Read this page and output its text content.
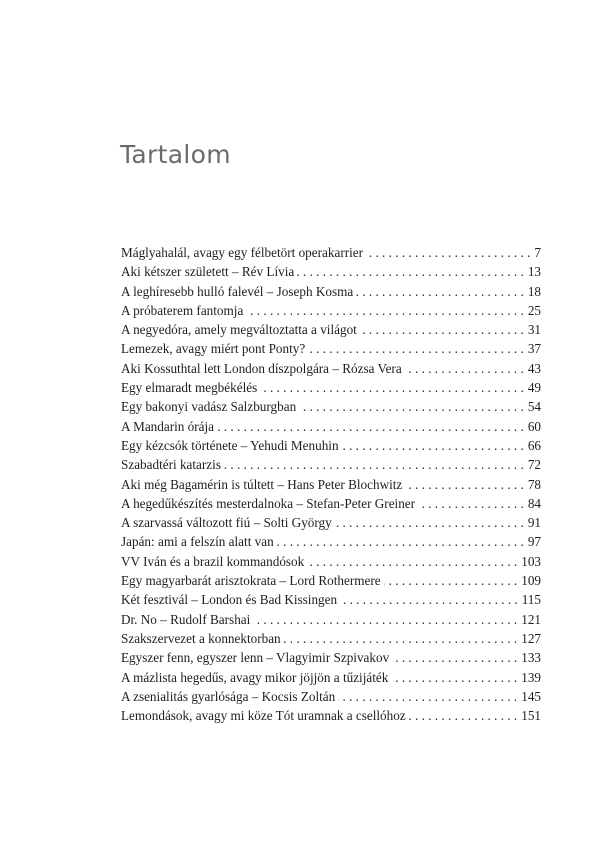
Tartalom
Máglyahalál, avagy egy félbetört operakarrier . . .	7
Aki kétszer született – Rév Lívia . . .	13
A leghíresebb hulló falevél – Joseph Kosma . . .	18
A próbaterem fantomja . . .	25
A negyedóra, amely megváltoztatta a világot . . .	31
Lemezek, avagy miért pont Ponty? . . .	37
Aki Kossuthtal lett London díszpolgára – Rózsa Vera . . .	43
Egy elmaradt megbékélés . . .	49
Egy bakonyi vadász Salzburgban . . .	54
A Mandarin órája . . .	60
Egy kézcsók története – Yehudi Menuhin . . .	66
Szabadtéri katarzis . . .	72
Aki még Bagamérin is túltett – Hans Peter Blochwitz . . .	78
A hegedűkészítés mesterdalnoka – Stefan-Peter Greiner . . .	84
A szarvassá változott fiú – Solti György . . .	91
Japán: ami a felszín alatt van . . .	97
VV Iván és a brazil kommandósok . . .	103
Egy magyarbarát arisztokrata – Lord Rothermere . . .	109
Két fesztivál – London és Bad Kissingen . . .	115
Dr. No – Rudolf Barshai . . .	121
Szakszervezet a konnektorban . . .	127
Egyszer fenn, egyszer lenn – Vlagyimir Szpivakov . . .	133
A mázlista hegedűs, avagy mikor jöjjön a tűzijáték . . .	139
A zsenialitás gyarlósága – Kocsis Zoltán . . .	145
Lemondások, avagy mi köze Tót uramnak a csellóhoz . . .	151
